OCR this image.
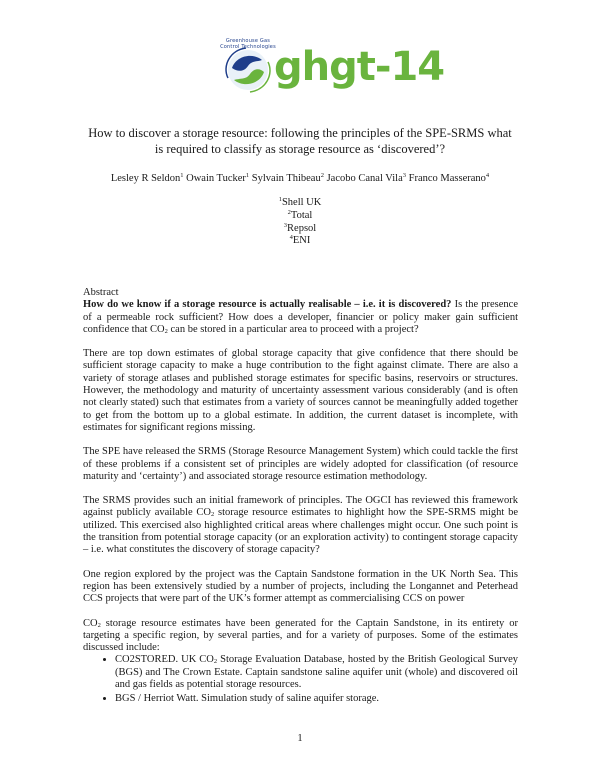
Greenhouse Gas Control Technologies
ghgt-14
How to discover a storage resource: following the principles of the SPE-SRMS what
is required to classify as storage resource as ‘discovered’?
Lesley R Seldon$^1$ Owain Tucker$^1$ Sylvain Thibeau$^2$ Jacobo Canal Vila$^3$ Franco Masserano$^4$
$^1$Shell UK
$^2$Total
$^3$Repsol
$^4$ENI

Abstract

How do we know if a storage resource is actually realisable – i.e. it is discovered? Is the presence of a permeable rock sufficient? How does a developer, financier or policy maker gain sufficient confidence that $CO_2$ can be stored in a particular area to proceed with a project?

There are top down estimates of global storage capacity that give confidence that there should be sufficient storage capacity to make a huge contribution to the fight against climate. There are also a variety of storage atlases and published storage estimates for specific basins, reservoirs or structures. However, the methodology and maturity of uncertainty assessment various considerably (and is often not clearly stated) such that estimates from a variety of sources cannot be meaningfully added together to get from the bottom up to a global estimate. In addition, the current dataset is incomplete, with estimates for significant regions missing.

The SPE have released the SRMS (Storage Resource Management System) which could tackle the first of these problems if a consistent set of principles are widely adopted for classification (of resource maturity and ‘certainty’) and associated storage resource estimation methodology.

The SRMS provides such an initial framework of principles. The OGCI has reviewed this framework against publicly available $CO_2$ storage resource estimates to highlight how the SPE-SRMS might be utilized. This exercised also highlighted critical areas where challenges might occur. One such point is the transition from potential storage capacity (or an exploration activity) to contingent storage capacity – i.e. what constitutes the discovery of storage capacity?

One region explored by the project was the Captain Sandstone formation in the UK North Sea. This region has been extensively studied by a number of projects, including the Longannet and Peterhead CCS projects that were part of the UK’s former attempt as commercialising CCS on power

$CO_2$ storage resource estimates have been generated for the Captain Sandstone, in its entirety or targeting a specific region, by several parties, and for a variety of purposes. Some of the estimates discussed include:

• CO2STORED. UK $CO_2$ Storage Evaluation Database, hosted by the British Geological Survey (BGS) and The Crown Estate. Captain sandstone saline aquifer unit (whole) and discovered oil and gas fields as potential storage resources.
• BGS / Herriot Watt. Simulation study of saline aquifer storage.
1
